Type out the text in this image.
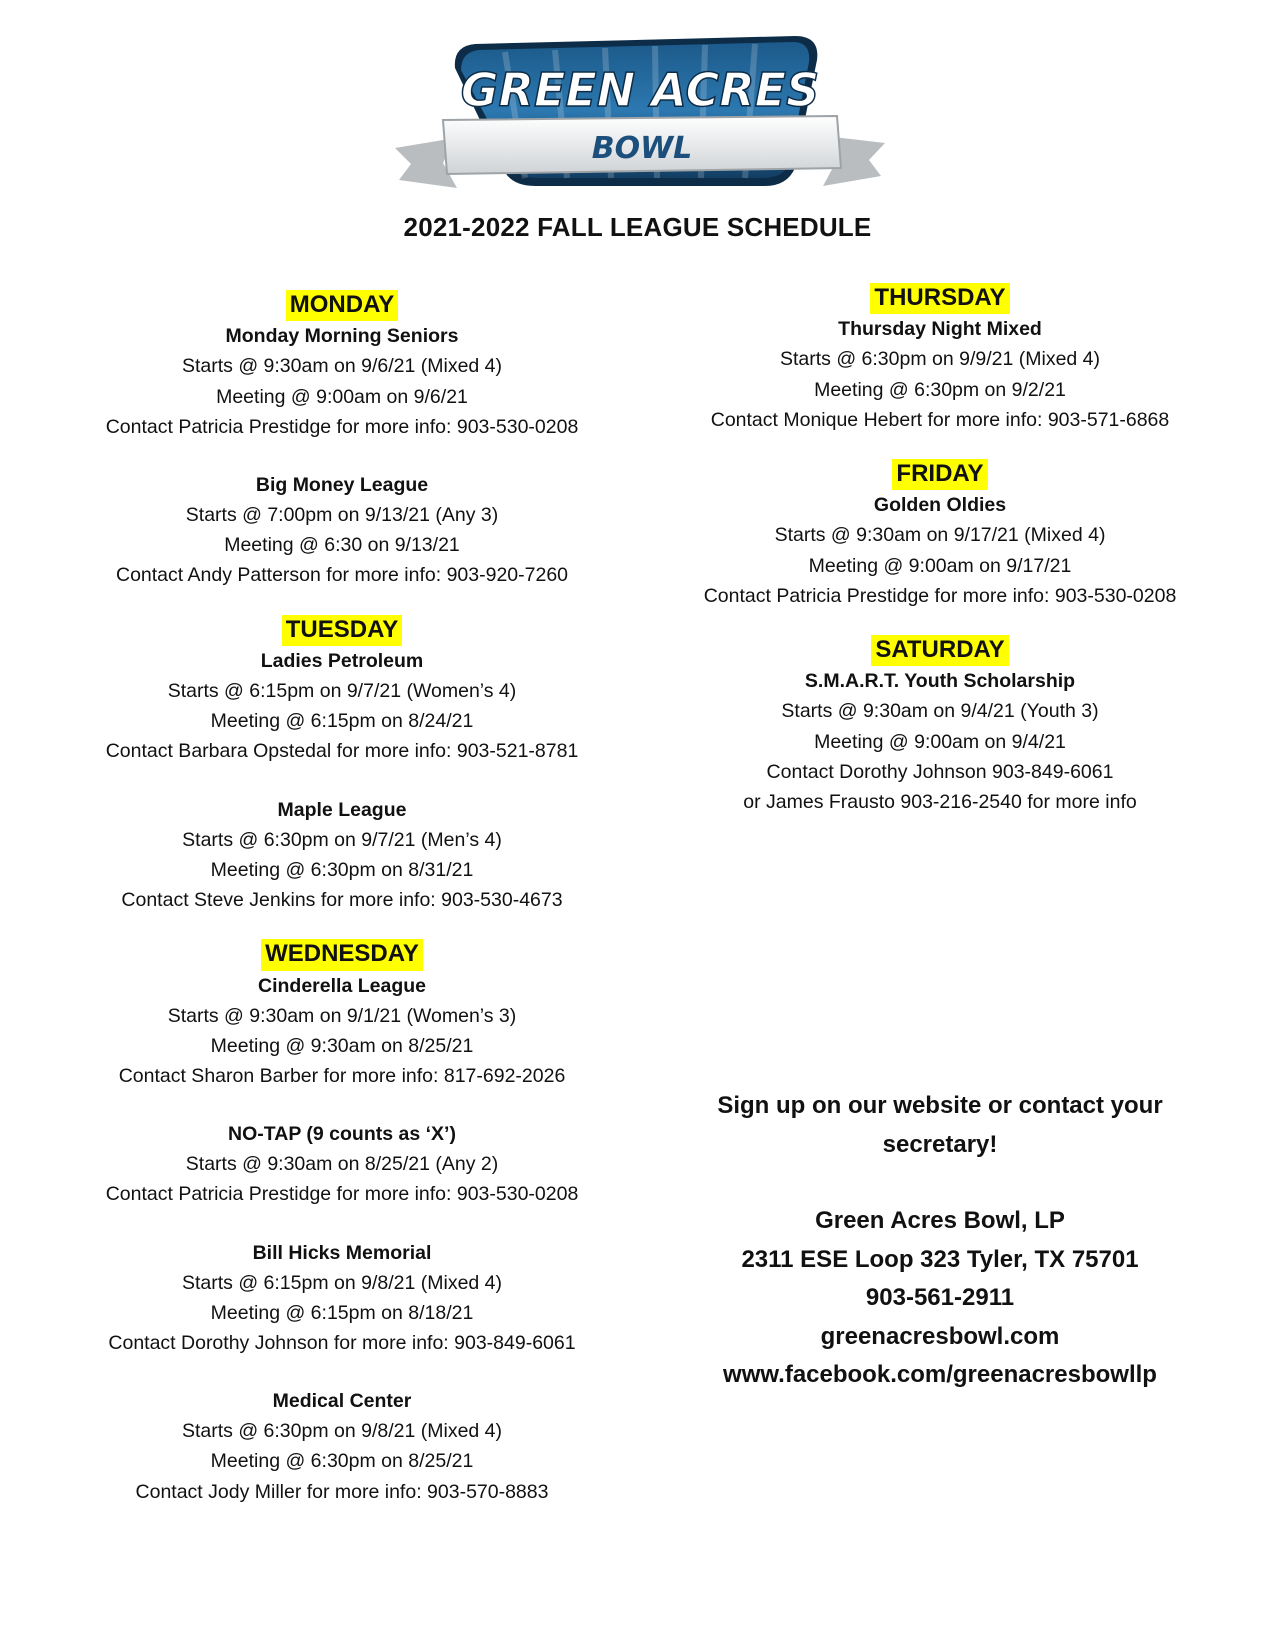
GREEN ACRES
BOWL
2021-2022 FALL LEAGUE SCHEDULE
MONDAY
Monday Morning Seniors
Starts @ 9:30am on 9/6/21 (Mixed 4)
Meeting @ 9:00am on 9/6/21
Contact Patricia Prestidge for more info: 903-530-0208
Big Money League
Starts @ 7:00pm on 9/13/21 (Any 3)
Meeting @ 6:30 on 9/13/21
Contact Andy Patterson for more info: 903-920-7260
TUESDAY
Ladies Petroleum
Starts @ 6:15pm on 9/7/21 (Women’s 4)
Meeting @ 6:15pm on 8/24/21
Contact Barbara Opstedal for more info: 903-521-8781
Maple League
Starts @ 6:30pm on 9/7/21 (Men’s 4)
Meeting @ 6:30pm on 8/31/21
Contact Steve Jenkins for more info: 903-530-4673
WEDNESDAY
Cinderella League
Starts @ 9:30am on 9/1/21 (Women’s 3)
Meeting @ 9:30am on 8/25/21
Contact Sharon Barber for more info: 817-692-2026
NO-TAP (9 counts as ‘X’)
Starts @ 9:30am on 8/25/21 (Any 2)
Contact Patricia Prestidge for more info: 903-530-0208
Bill Hicks Memorial
Starts @ 6:15pm on 9/8/21 (Mixed 4)
Meeting @ 6:15pm on 8/18/21
Contact Dorothy Johnson for more info: 903-849-6061
Medical Center
Starts @ 6:30pm on 9/8/21 (Mixed 4)
Meeting @ 6:30pm on 8/25/21
Contact Jody Miller for more info: 903-570-8883
THURSDAY
Thursday Night Mixed
Starts @ 6:30pm on 9/9/21 (Mixed 4)
Meeting @ 6:30pm on 9/2/21
Contact Monique Hebert for more info: 903-571-6868
FRIDAY
Golden Oldies
Starts @ 9:30am on 9/17/21 (Mixed 4)
Meeting @ 9:00am on 9/17/21
Contact Patricia Prestidge for more info: 903-530-0208
SATURDAY
S.M.A.R.T. Youth Scholarship
Starts @ 9:30am on 9/4/21 (Youth 3)
Meeting @ 9:00am on 9/4/21
Contact Dorothy Johnson 903-849-6061
or James Frausto 903-216-2540 for more info
Sign up on our website or contact your
secretary!
Green Acres Bowl, LP
2311 ESE Loop 323 Tyler, TX 75701
903-561-2911
greenacresbowl.com
www.facebook.com/greenacresbowllp
